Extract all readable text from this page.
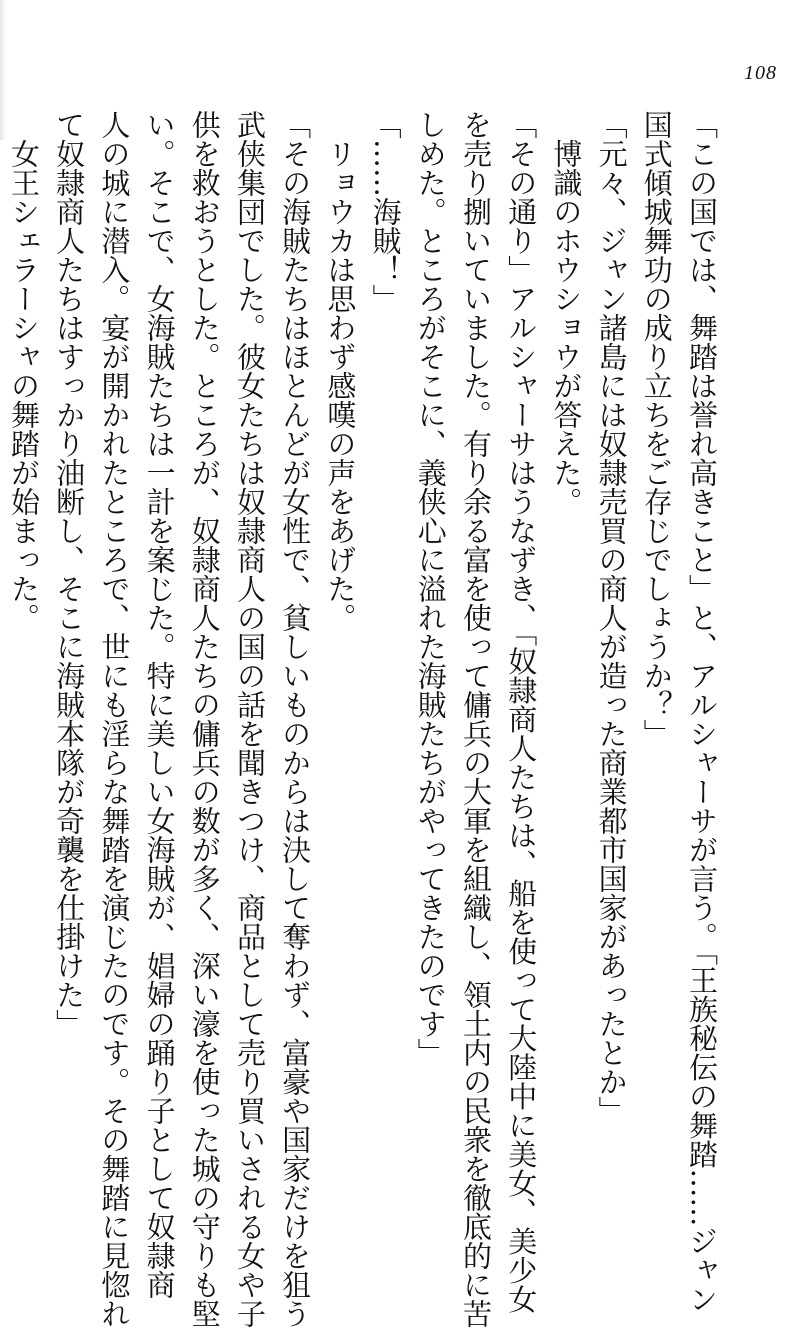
108
「この国では、舞踏は誉れ高きこと」と、アルシャーサが言う。「王族秘伝の舞踏……ジャン
国式傾城舞功の成り立ちをご存じでしょうか？」
「元々、ジャン諸島には奴隷売買の商人が造った商業都市国家があったとか」
　博識のホウショウが答えた。
「その通り」アルシャーサはうなずき、「奴隷商人たちは、船を使って大陸中に美女、美少女
を売り捌いていました。有り余る富を使って傭兵の大軍を組織し、領土内の民衆を徹底的に苦
しめた。ところがそこに、義侠心に溢れた海賊たちがやってきたのです」
「……海賊！」
　リョウカは思わず感嘆の声をあげた。
「その海賊たちはほとんどが女性で、貧しいものからは決して奪わず、富豪や国家だけを狙う
武侠集団でした。彼女たちは奴隷商人の国の話を聞きつけ、商品として売り買いされる女や子
供を救おうとした。ところが、奴隷商人たちの傭兵の数が多く、深い濠を使った城の守りも堅
い。そこで、女海賊たちは一計を案じた。特に美しい女海賊が、娼婦の踊り子として奴隷商
人の城に潜入。宴が開かれたところで、世にも淫らな舞踏を演じたのです。その舞踏に見惚れ
て奴隷商人たちはすっかり油断し、そこに海賊本隊が奇襲を仕掛けた」
　女王シェラーシャの舞踏が始まった。
